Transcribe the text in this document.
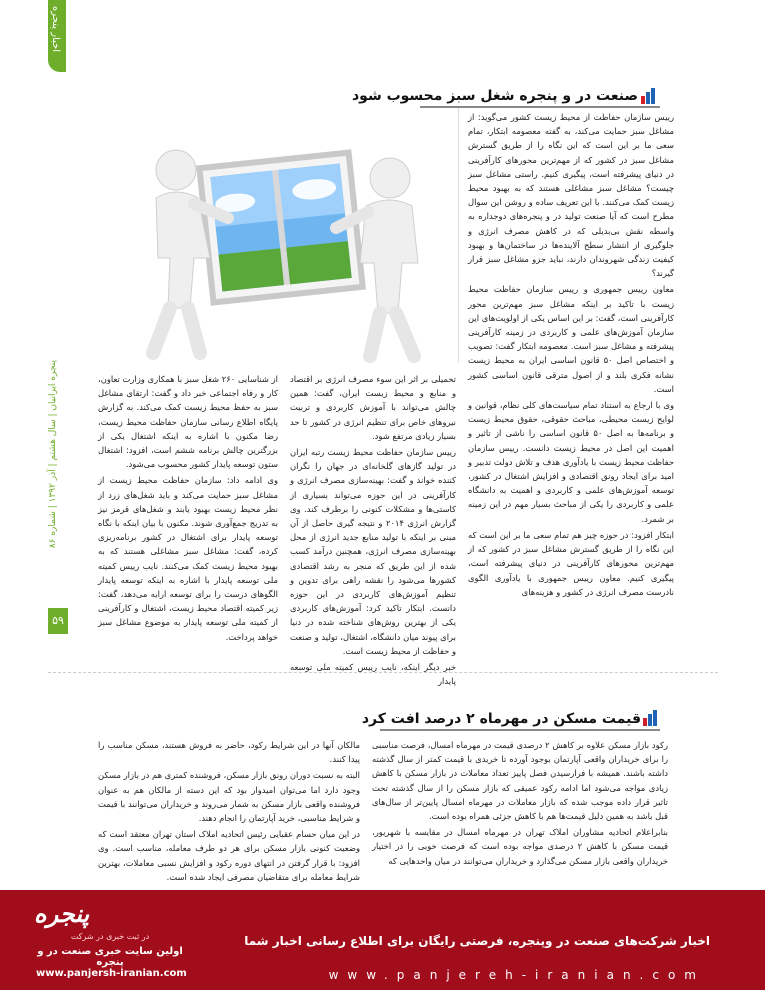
اخبار پنجره
پنجره ایرانیان | سال هشتم | آذر ۱۳۹۲ | شماره ۸۶
۵۹
صنعت در و پنجره شغل سبز محسوب شود

رییس سازمان حفاظت از محیط زیست کشور می‌گوید: از مشاغل سبز حمایت می‌کند، به گفته معصومه ابتکار، تمام سعی ما بر این است که این نگاه را از طریق گسترش مشاغل سبز در کشور که از مهم‌ترین محورهای کارآفرینی در دنیای پیشرفته است، پیگیری کنیم. راستی مشاغل سبز چیست؟ مشاغل سبز مشاغلی هستند که به بهبود محیط زیست کمک می‌کنند. با این تعریف ساده و روشن این سوال مطرح است که آیا صنعت تولید در و پنجره‌های دوجداره به واسطه نقش بی‌بدیلی که در کاهش مصرف انرژی و جلوگیری از انتشار سطح آلاینده‌ها در ساختمان‌ها و بهبود کیفیت زندگی شهروندان دارند، نباید جزو مشاغل سبز قرار گیرند؟

معاون رییس جمهوری و رییس سازمان حفاظت محیط زیست با تاکید بر اینکه مشاغل سبز مهم‌ترین محور کارآفرینی است، گفت: بر این اساس یکی از اولویت‌های این سازمان آموزش‌های علمی و کاربردی در زمینه کارآفرینی پیشرفته و مشاغل سبز است. معصومه ابتکار گفت: تصویب و اختصاص اصل ۵۰ قانون اساسی ایران به محیط زیست نشانه فکری بلند و از اصول مترقی قانون اساسی کشور است.

وی با ارجاع به استناد تمام سیاست‌های کلی نظام، قوانین و لوایح زیست محیطی، مباحث حقوقی، حقوق محیط زیست و برنامه‌ها به اصل ۵۰ قانون اساسی را ناشی از تاثیر و اهمیت این اصل در محیط زیست دانست. رییس سازمان حفاظت محیط زیست با یادآوری هدف و تلاش دولت تدبیر و امید برای ایجاد رونق اقتصادی و افزایش اشتغال در کشور، توسعه آموزش‌های علمی و کاربردی و اهمیت به دانشگاه علمی و کاربردی را یکی از مباحث بسیار مهم در این زمینه بر شمرد.

ابتکار افزود: در حوزه چیز هم تمام سعی ما بر این است که این نگاه را از طریق گسترش مشاغل سبز در کشور که از مهم‌ترین محورهای کارآفرینی در دنیای پیشرفته است، پیگیری کنیم. معاون رییس جمهوری با یادآوری الگوی نادرست مصرف انرژی در کشور و هزینه‌های

تحمیلی بر اثر این سوء مصرف انرژی بر اقتصاد و منابع و محیط زیست ایران، گفت: همین چالش می‌تواند با آموزش کاربردی و تربیت نیروهای خاص برای تنظیم انرژی در کشور تا حد بسیار زیادی مرتفع شود.

رییس سازمان حفاظت محیط زیست رتبه ایران در تولید گازهای گلخانه‌ای در جهان را نگران کننده خواند و گفت: بهینه‌سازی مصرف انرژی و کارآفرینی در این حوزه می‌تواند بسیاری از کاستی‌ها و مشکلات کنونی را برطرف کند. وی گزارش انرژی ۲۰۱۴ و نتیجه گیری حاصل از آن مبنی بر اینکه با تولید منابع جدید انرژی از محل بهینه‌سازی مصرف انرژی، همچنین درآمد کسب شده از این طریق که منجر به رشد اقتصادی کشورها می‌شود را نقشه راهی برای تدوین و تنظیم آموزش‌های کاربردی در این حوزه دانست. ابتکار تاکید کرد: آموزش‌های کاربردی یکی از بهترین روش‌های شناخته شده در دنیا برای پیوند میان دانشگاه، اشتغال، تولید و صنعت و حفاظت از محیط زیست است.

خبر دیگر اینکه، نایب رییس کمیته ملی توسعه پایدار

از شناسایی ۲۶۰ شغل سبز با همکاری وزارت تعاون، کار و رفاه اجتماعی خبر داد و گفت: ارتقای مشاغل سبز به حفظ محیط زیست کمک می‌کند. به گزارش پایگاه اطلاع رسانی سازمان حفاظت محیط زیست، رضا مکنون با اشاره به اینکه اشتغال یکی از بزرگترین چالش برنامه ششم است، افزود: اشتغال ستون توسعه پایدار کشور محسوب می‌شود.

وی ادامه داد: سازمان حفاظت محیط زیست از مشاغل سبز حمایت می‌کند و باید شغل‌های زرد از نظر محیط زیست بهبود یابند و شغل‌های قرمز نیز به تدریج جمع‌آوری شوند. مکنون با بیان اینکه با نگاه توسعه پایدار برای اشتغال در کشور برنامه‌ریزی کرده، گفت: مشاغل سبز مشاغلی هستند که به بهبود محیط زیست کمک می‌کنند. نایب رییس کمیته ملی توسعه پایدار با اشاره به اینکه توسعه پایدار الگوهای درست را برای توسعه ارایه می‌دهد، گفت: زیر کمیته اقتصاد محیط زیست، اشتغال و کارآفرینی از کمیته ملی توسعه پایدار به موضوع مشاغل سبز خواهد پرداخت.

قیمت مسکن در مهرماه ۲ درصد افت کرد

رکود بازار مسکن علاوه بر کاهش ۲ درصدی قیمت در مهرماه امسال، فرصت مناسبی را برای خریداران واقعی آپارتمان بوجود آورده تا خریدی با قیمت کمتر از سال گذشته داشته باشند. همیشه با فرارسیدن فصل پاییز تعداد معاملات در بازار مسکن با کاهش زیادی مواجه می‌شود اما ادامه رکود عمیقی که بازار مسکن را از سال گذشته تحت تاثیر قرار داده موجب شده که بازار معاملات در مهرماه امسال پایین‌تر از سال‌های قبل باشد به همین دلیل قیمت‌ها هم با کاهش جزئی همراه بوده است.

بنابراعلام اتحادیه مشاوران املاک تهران در مهرماه امسال در مقایسه با شهریور، قیمت مسکن با کاهش ۲ درصدی مواجه بوده است که فرصت خوبی را در اختیار خریداران واقعی بازار مسکن می‌گذارد و خریداران می‌توانند در میان واحدهایی که

مالکان آنها در این شرایط رکود، حاضر به فروش هستند، مسکن مناسب را پیدا کنند.

البته به نسبت دوران رونق بازار مسکن، فروشنده کمتری هم در بازار مسکن وجود دارد اما می‌توان امیدوار بود که این دسته از مالکان هم به عنوان فروشنده واقعی بازار مسکن به شمار می‌روند و خریداران می‌توانند با قیمت و شرایط مناسبی، خرید آپارتمان را انجام دهند.

در این میان حسام عقبایی رئیس اتحادیه املاک استان تهران معتقد است که وضعیت کنونی بازار مسکن برای هر دو طرف معامله، مناسب است. وی افزود: با قرار گرفتن در انتهای دوره رکود و افزایش نسبی معاملات، بهترین شرایط معامله برای متقاضیان مصرفی ایجاد شده است.

پنجره
در ثبت خبری در شرکت
اولین سایت خبری صنعت در و پنجره
www.panjersh-iranian.com
اخبار شرکت‌های صنعت در وپنجره، فرصتی رایگان برای اطلاع رسانی اخبار شما
www.panjereh-iranian.com
